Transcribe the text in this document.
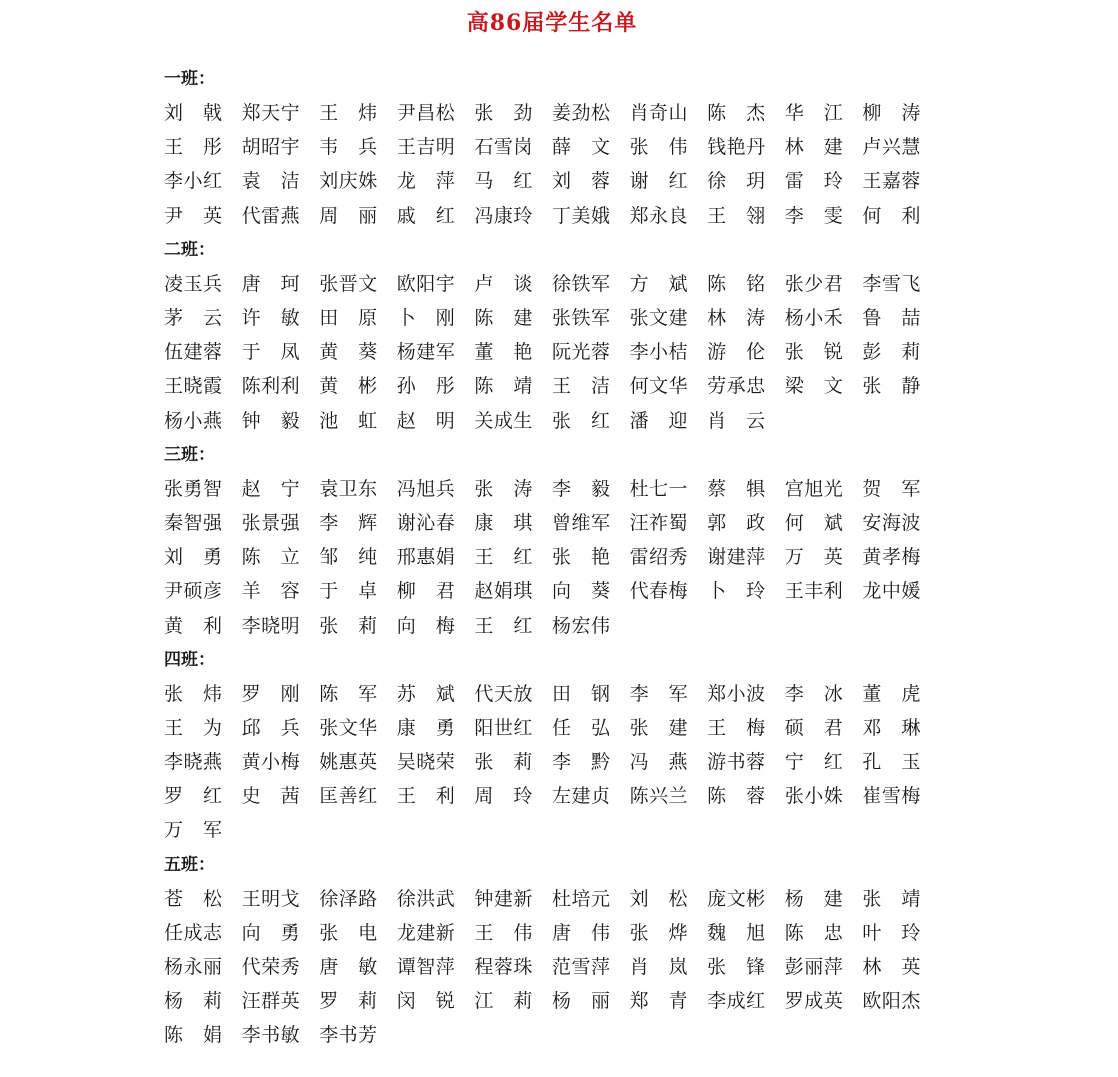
高86届学生名单
一班：
刘 戟 郑 天 宁 王 炜 尹 昌 松 张 劲 姜 劲 松 肖 奇 山 陈 杰 华 江 柳 涛
王 彤 胡 昭 宇 韦 兵 王 吉 明 石 雪 岗 薛 文 张 伟 钱 艳 丹 林 建 卢 兴 慧
李 小 红 袁 洁 刘 庆 姝 龙 萍 马 红 刘 蓉 谢 红 徐 玥 雷 玲 王 嘉 蓉
尹 英 代 雷 燕 周 丽 戚 红 冯 康 玲 丁 美 娥 郑 永 良 王 翎 李 雯 何 利
二班：
凌 玉 兵 唐 珂 张 晋 文 欧 阳 宇 卢 谈 徐 铁 军 方 斌 陈 铭 张 少 君 李 雪 飞
茅 云 许 敏 田 原 卜 刚 陈 建 张 铁 军 张 文 建 林 涛 杨 小 禾 鲁 喆
伍 建 蓉 于 凤 黄 葵 杨 建 军 董 艳 阮 光 蓉 李 小 桔 游 伦 张 锐 彭 莉
王 晓 霞 陈 利 利 黄 彬 孙 彤 陈 靖 王 洁 何 文 华 劳 承 忠 梁 文 张 静
杨 小 燕 钟 毅 池 虹 赵 明 关 成 生 张 红 潘 迎 肖 云
三班：
张 勇 智 赵 宁 袁 卫 东 冯 旭 兵 张 涛 李 毅 杜 七 一 蔡 犋 宫 旭 光 贺 军
秦 智 强 张 景 强 李 辉 谢 沁 春 康 琪 曾 维 军 汪 祚 蜀 郭 政 何 斌 安 海 波
刘 勇 陈 立 邹 纯 邢 惠 娟 王 红 张 艳 雷 绍 秀 谢 建 萍 万 英 黄 孝 梅
尹 硕 彦 羊 容 于 卓 柳 君 赵 娟 琪 向 葵 代 春 梅 卜 玲 王 丰 利 龙 中 媛
黄 利 李 晓 明 张 莉 向 梅 王 红 杨 宏 伟
四班：
张 炜 罗 刚 陈 军 苏 斌 代 天 放 田 钢 李 军 郑 小 波 李 冰 董 虎
王 为 邱 兵 张 文 华 康 勇 阳 世 红 任 弘 张 建 王 梅 硕 君 邓 琳
李 晓 燕 黄 小 梅 姚 惠 英 吴 晓 荣 张 莉 李 黔 冯 燕 游 书 蓉 宁 红 孔 玉
罗 红 史 茜 匡 善 红 王 利 周 玲 左 建 贞 陈 兴 兰 陈 蓉 张 小 姝 崔 雪 梅
万 军
五班：
苍 松 王 明 戈 徐 泽 路 徐 洪 武 钟 建 新 杜 培 元 刘 松 庞 文 彬 杨 建 张 靖
任 成 志 向 勇 张 电 龙 建 新 王 伟 唐 伟 张 烨 魏 旭 陈 忠 叶 玲
杨 永 丽 代 荣 秀 唐 敏 谭 智 萍 程 蓉 珠 范 雪 萍 肖 岚 张 锋 彭 丽 萍 林 英
杨 莉 汪 群 英 罗 莉 闵 锐 江 莉 杨 丽 郑 青 李 成 红 罗 成 英 欧 阳 杰
陈 娟 李 书 敏 李 书 芳
